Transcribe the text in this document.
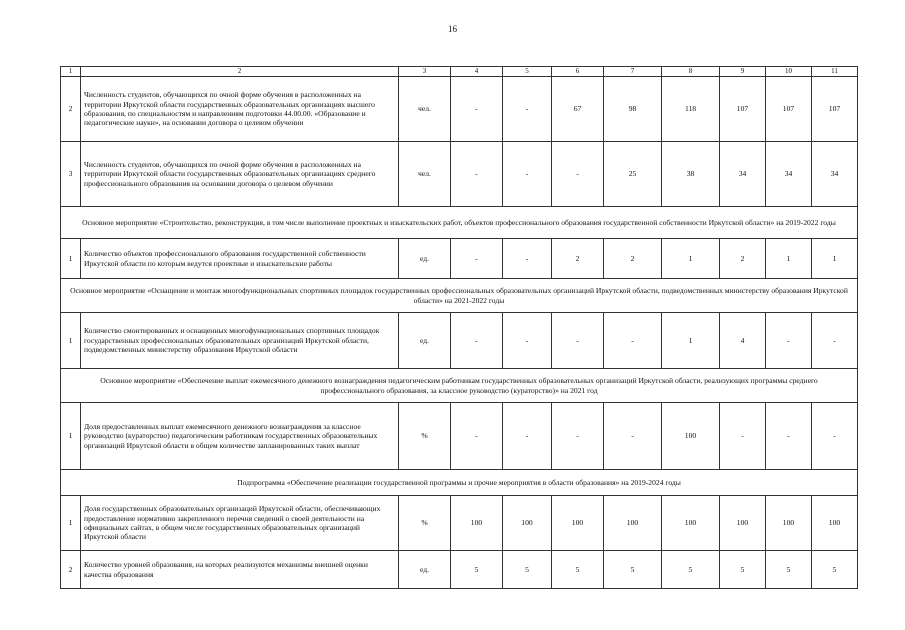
16
1	2	3	4	5	6	7	8	9	10	11
2	Численность студентов, обучающихся по очной форме обучения в расположенных на территории Иркутской области государственных образовательных организациях высшего образования, по специальностям и направлениям подготовки 44.00.00. «Образование и педагогические науки», на основании договора о целевом обучении	чел.	-	-	67	98	118	107	107	107
3	Численность студентов, обучающихся по очной форме обучения в расположенных на территории Иркутской области государственных образовательных организациях среднего профессионального образования на основании договора о целевом обучении	чел.	-	-	-	25	38	34	34	34
Основное мероприятие «Строительство, реконструкция, в том числе выполнение проектных и изыскательских работ, объектов профессионального образования государственной собственности Иркутской области» на 2019-2022 годы										
1	Количество объектов профессионального образования государственной собственности Иркутской области по которым ведутся проектные и изыскательские работы	ед.	-	-	2	2	1	2	1	1
Основное мероприятие «Оснащение и монтаж многофункциональных спортивных площадок государственных профессиональных образовательных организаций Иркутской области, подведомственных министерству образования Иркутской области» на 2021-2022 годы										
1	Количество смонтированных и оснащенных многофункциональных спортивных площадок государственных профессиональных образовательных организаций Иркутской области, подведомственных министерству образования Иркутской области	ед.	-	-	-	-	1	4	-	-
Основное мероприятие «Обеспечение выплат ежемесячного денежного вознаграждения педагогическим работникам государственных образовательных организаций Иркутской области, реализующих программы среднего профессионального образования, за классное руководство (кураторство)» на 2021 год										
1	Доля предоставленных выплат ежемесячного денежного вознаграждения за классное руководство (кураторство) педагогическим работникам государственных образовательных организаций Иркутской области в общем количестве запланированных таких выплат	%	-	-	-	-	100	-	-	-
Подпрограмма «Обеспечение реализации государственной программы и прочие мероприятия в области образования» на 2019-2024 годы										
1	Доля государственных образовательных организаций Иркутской области, обеспечивающих предоставление нормативно закрепленного перечня сведений о своей деятельности на официальных сайтах, в общем числе государственных образовательных организаций Иркутской области	%	100	100	100	100	100	100	100	100
2	Количество уровней образования, на которых реализуются механизмы внешней оценки качества образования	ед.	5	5	5	5	5	5	5	5
